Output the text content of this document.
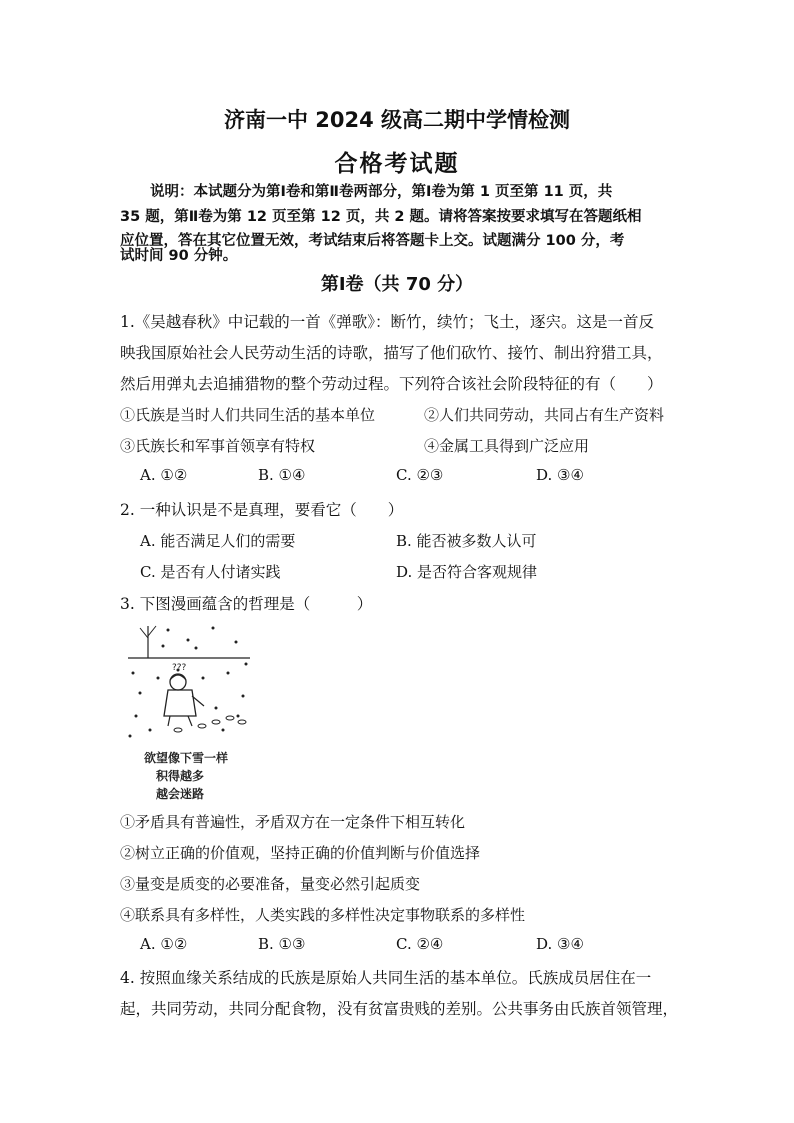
济南一中 2024 级高二期中学情检测
合格考试题
说明：本试题分为第Ⅰ卷和第Ⅱ卷两部分，第Ⅰ卷为第 1 页至第 11 页，共
35 题，第Ⅱ卷为第 12 页至第 12 页，共 2 题。请将答案按要求填写在答题纸相
应位置，答在其它位置无效，考试结束后将答题卡上交。试题满分 100 分，考
试时间 90 分钟。
第Ⅰ卷（共 70 分）
1.《吴越春秋》中记载的一首《弹歌》：断竹，续竹；飞土，逐宍。这是一首反
映我国原始社会人民劳动生活的诗歌，描写了他们砍竹、接竹、制出狩猎工具，
然后用弹丸去追捕猎物的整个劳动过程。下列符合该社会阶段特征的有（　　）
①氏族是当时人们共同生活的基本单位	②人们共同劳动，共同占有生产资料
③氏族长和军事首领享有特权	④金属工具得到广泛应用
A. ①②	B. ①④	C. ②③	D. ③④
2. 一种认识是不是真理，要看它（　　）
A. 能否满足人们的需要	B. 能否被多数人认可
C. 是否有人付诸实践	D. 是否符合客观规律
3. 下图漫画蕴含的哲理是（　　　）
???
欲望像下雪一样
积得越多
越会迷路
①矛盾具有普遍性，矛盾双方在一定条件下相互转化
②树立正确的价值观，坚持正确的价值判断与价值选择
③量变是质变的必要准备，量变必然引起质变
④联系具有多样性，人类实践的多样性决定事物联系的多样性
A. ①②	B. ①③	C. ②④	D. ③④
4. 按照血缘关系结成的氏族是原始人共同生活的基本单位。氏族成员居住在一
起，共同劳动，共同分配食物，没有贫富贵贱的差别。公共事务由氏族首领管理，
